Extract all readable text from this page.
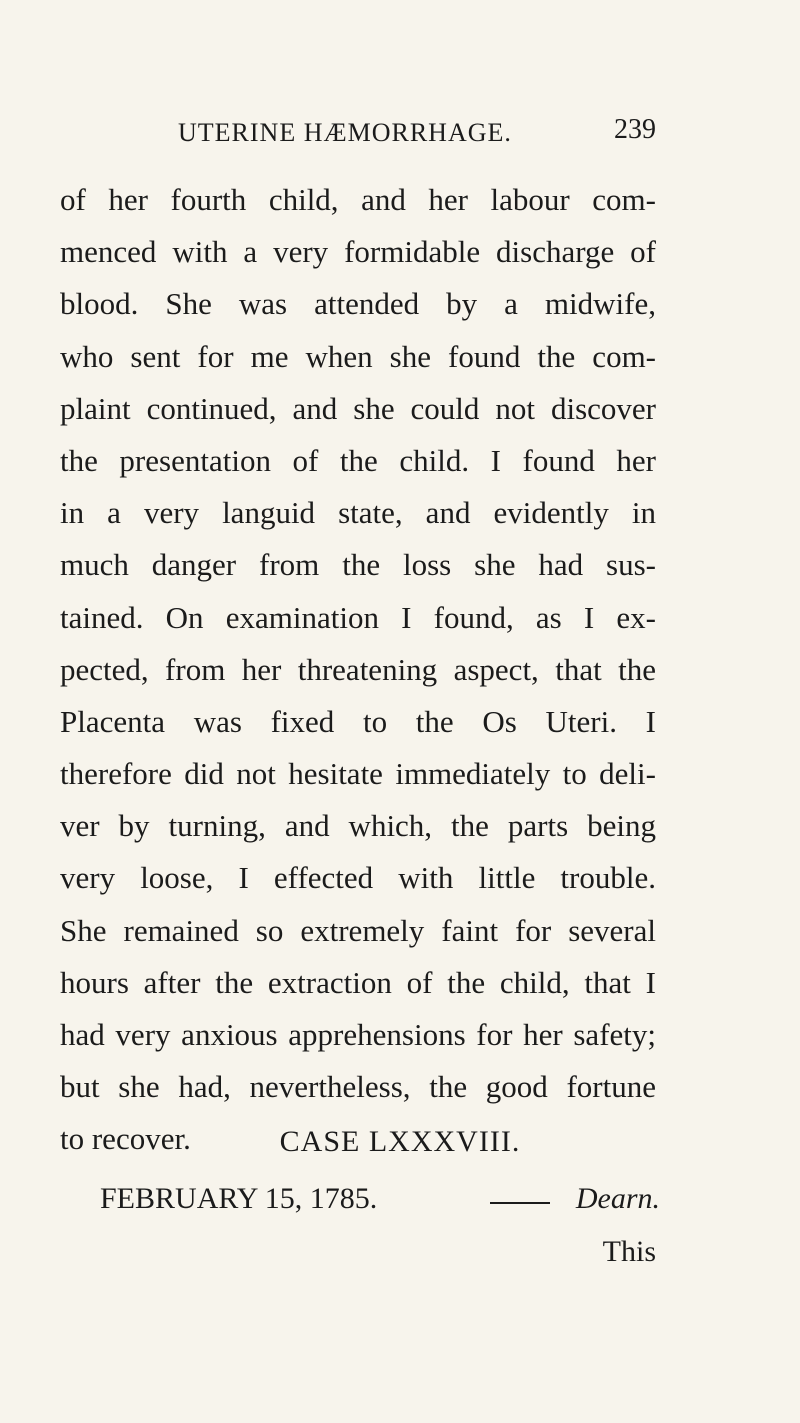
UTERINE HÆMORRHAGE.	239
of her fourth child, and her labour com-
menced with a very formidable discharge of
blood. She was attended by a midwife,
who sent for me when she found the com-
plaint continued, and she could not discover
the presentation of the child. I found her
in a very languid state, and evidently in
much danger from the loss she had sus-
tained. On examination I found, as I ex-
pected, from her threatening aspect, that the
Placenta was fixed to the Os Uteri. I
therefore did not hesitate immediately to deli-
ver by turning, and which, the parts being
very loose, I effected with little trouble.
She remained so extremely faint for several
hours after the extraction of the child, that I
had very anxious apprehensions for her safety;
but she had, nevertheless, the good fortune
to recover.	CASE LXXXVIII.
FEBRUARY 15, 1785.	Dearn.
This
